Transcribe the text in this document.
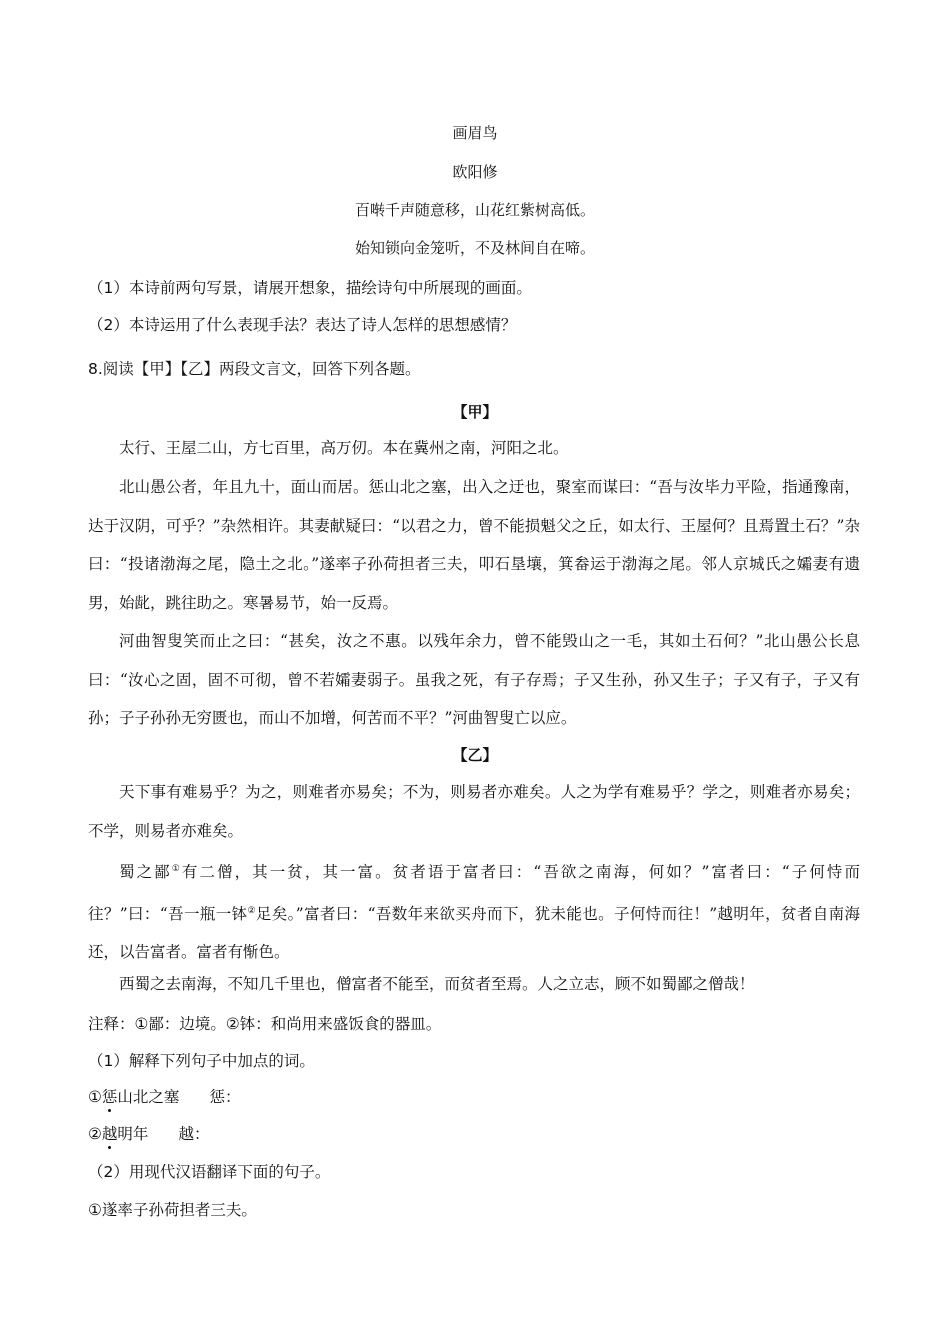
画眉鸟
欧阳修
百啭千声随意移，山花红紫树高低。
始知锁向金笼听，不及林间自在啼。
（1）本诗前两句写景，请展开想象，描绘诗句中所展现的画面。
（2）本诗运用了什么表现手法？表达了诗人怎样的思想感情？
8.阅读【甲】【乙】两段文言文，回答下列各题。
【甲】

太行、王屋二山，方七百里，高万仞。本在冀州之南，河阳之北。

北山愚公者，年且九十，面山而居。惩山北之塞，出入之迂也，聚室而谋曰：“吾与汝毕力平险，指通豫南，达于汉阴，可乎？”杂然相许。其妻献疑曰：“以君之力，曾不能损魁父之丘，如太行、王屋何？且焉置土石？”杂曰：“投诸渤海之尾，隐土之北。”遂率子孙荷担者三夫，叩石垦壤，箕畚运于渤海之尾。邻人京城氏之孀妻有遗男，始龀，跳往助之。寒暑易节，始一反焉。

河曲智叟笑而止之曰：“甚矣，汝之不惠。以残年余力，曾不能毁山之一毛，其如土石何？”北山愚公长息曰：“汝心之固，固不可彻，曾不若孀妻弱子。虽我之死，有子存焉；子又生孙，孙又生子；子又有子，子又有孙；子子孙孙无穷匮也，而山不加增，何苦而不平？”河曲智叟亡以应。

【乙】

天下事有难易乎？为之，则难者亦易矣；不为，则易者亦难矣。人之为学有难易乎？学之，则难者亦易矣；不学，则易者亦难矣。

蜀之鄙①有二僧，其一贫，其一富。贫者语于富者曰：“吾欲之南海，何如？”富者曰：“子何恃而往？”曰：“吾一瓶一钵②足矣。”富者曰：“吾数年来欲买舟而下，犹未能也。子何恃而往！”越明年，贫者自南海还，以告富者。富者有惭色。

西蜀之去南海，不知几千里也，僧富者不能至，而贫者至焉。人之立志，顾不如蜀鄙之僧哉！

注释：①鄙：边境。②钵：和尚用来盛饭食的器皿。
（1）解释下列句子中加点的词。
①惩山北之塞 惩：
②越明年 越：
（2）用现代汉语翻译下面的句子。
①遂率子孙荷担者三夫。
